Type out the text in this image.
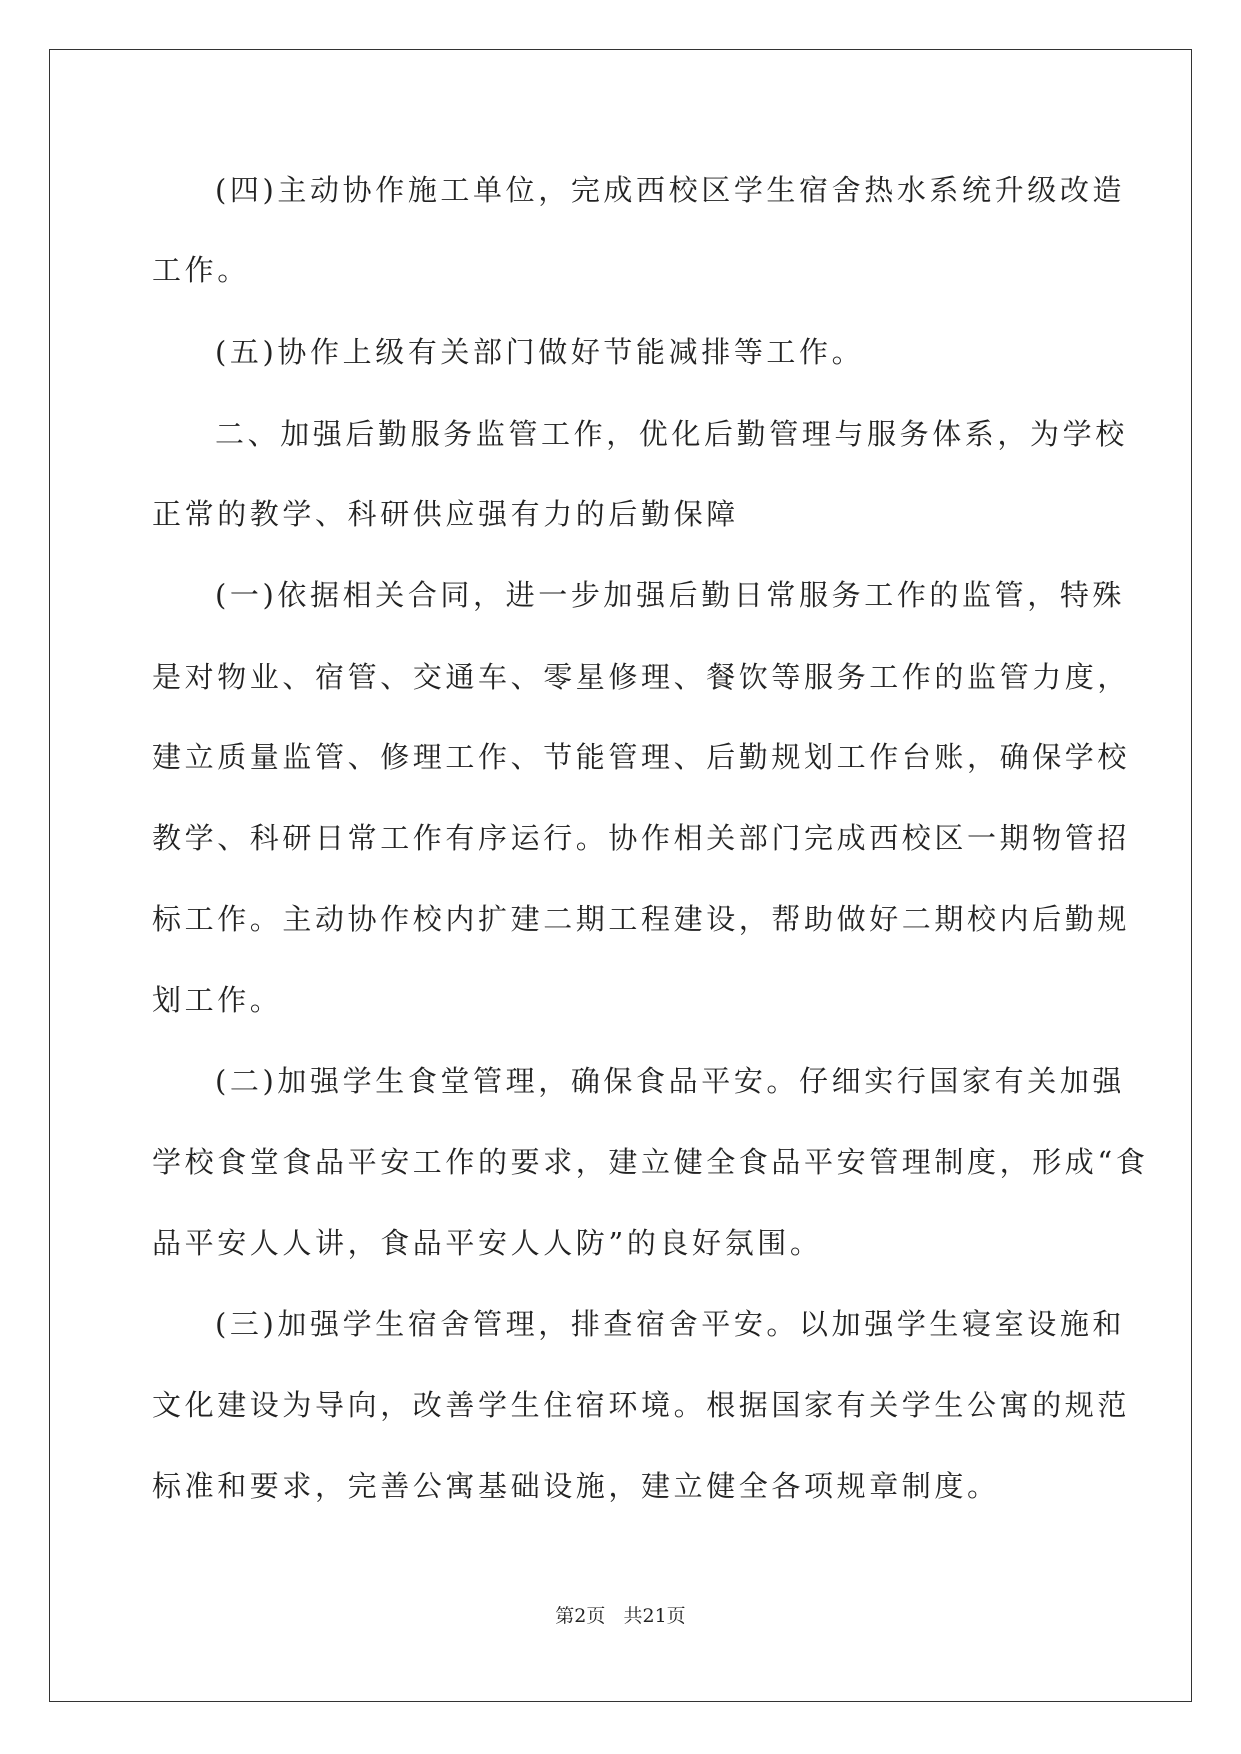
(四)主动协作施工单位，完成西校区学生宿舍热水系统升级改造

工作。

(五)协作上级有关部门做好节能减排等工作。

二、加强后勤服务监管工作，优化后勤管理与服务体系，为学校

正常的教学、科研供应强有力的后勤保障

(一)依据相关合同，进一步加强后勤日常服务工作的监管，特殊

是对物业、宿管、交通车、零星修理、餐饮等服务工作的监管力度，

建立质量监管、修理工作、节能管理、后勤规划工作台账，确保学校

教学、科研日常工作有序运行。协作相关部门完成西校区一期物管招

标工作。主动协作校内扩建二期工程建设，帮助做好二期校内后勤规

划工作。

(二)加强学生食堂管理，确保食品平安。仔细实行国家有关加强

学校食堂食品平安工作的要求，建立健全食品平安管理制度，形成“食

品平安人人讲，食品平安人人防”的良好氛围。

(三)加强学生宿舍管理，排查宿舍平安。以加强学生寝室设施和

文化建设为导向，改善学生住宿环境。根据国家有关学生公寓的规范

标准和要求，完善公寓基础设施，建立健全各项规章制度。

第2页   共21页
